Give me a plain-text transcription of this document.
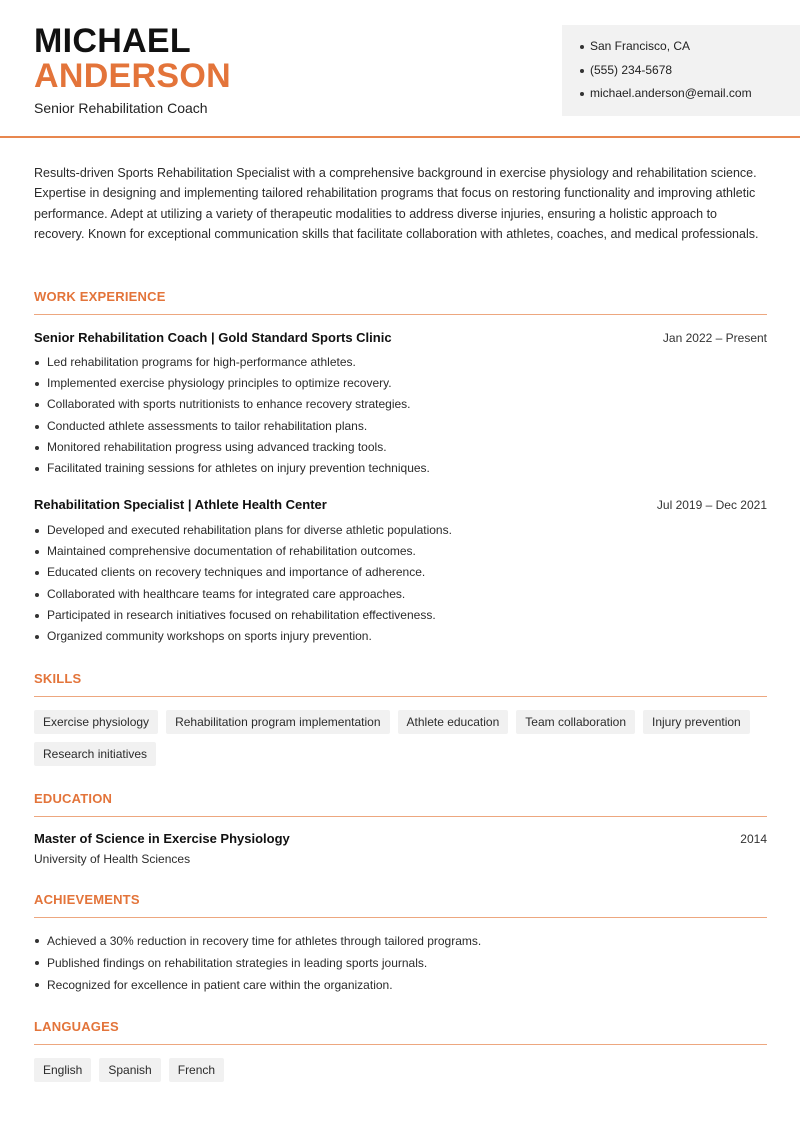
MICHAEL
ANDERSON
Senior Rehabilitation Coach
San Francisco, CA
(555) 234-5678
michael.anderson@email.com
Results-driven Sports Rehabilitation Specialist with a comprehensive background in exercise physiology and rehabilitation science. Expertise in designing and implementing tailored rehabilitation programs that focus on restoring functionality and improving athletic performance. Adept at utilizing a variety of therapeutic modalities to address diverse injuries, ensuring a holistic approach to recovery. Known for exceptional communication skills that facilitate collaboration with athletes, coaches, and medical professionals.
WORK EXPERIENCE
Senior Rehabilitation Coach | Gold Standard Sports Clinic	Jan 2022 – Present
Led rehabilitation programs for high-performance athletes.
Implemented exercise physiology principles to optimize recovery.
Collaborated with sports nutritionists to enhance recovery strategies.
Conducted athlete assessments to tailor rehabilitation plans.
Monitored rehabilitation progress using advanced tracking tools.
Facilitated training sessions for athletes on injury prevention techniques.
Rehabilitation Specialist | Athlete Health Center	Jul 2019 – Dec 2021
Developed and executed rehabilitation plans for diverse athletic populations.
Maintained comprehensive documentation of rehabilitation outcomes.
Educated clients on recovery techniques and importance of adherence.
Collaborated with healthcare teams for integrated care approaches.
Participated in research initiatives focused on rehabilitation effectiveness.
Organized community workshops on sports injury prevention.
SKILLS
Exercise physiology	Rehabilitation program implementation	Athlete education	Team collaboration	Injury prevention
Research initiatives
EDUCATION
Master of Science in Exercise Physiology	2014
University of Health Sciences
ACHIEVEMENTS
Achieved a 30% reduction in recovery time for athletes through tailored programs.
Published findings on rehabilitation strategies in leading sports journals.
Recognized for excellence in patient care within the organization.
LANGUAGES
English	Spanish	French
